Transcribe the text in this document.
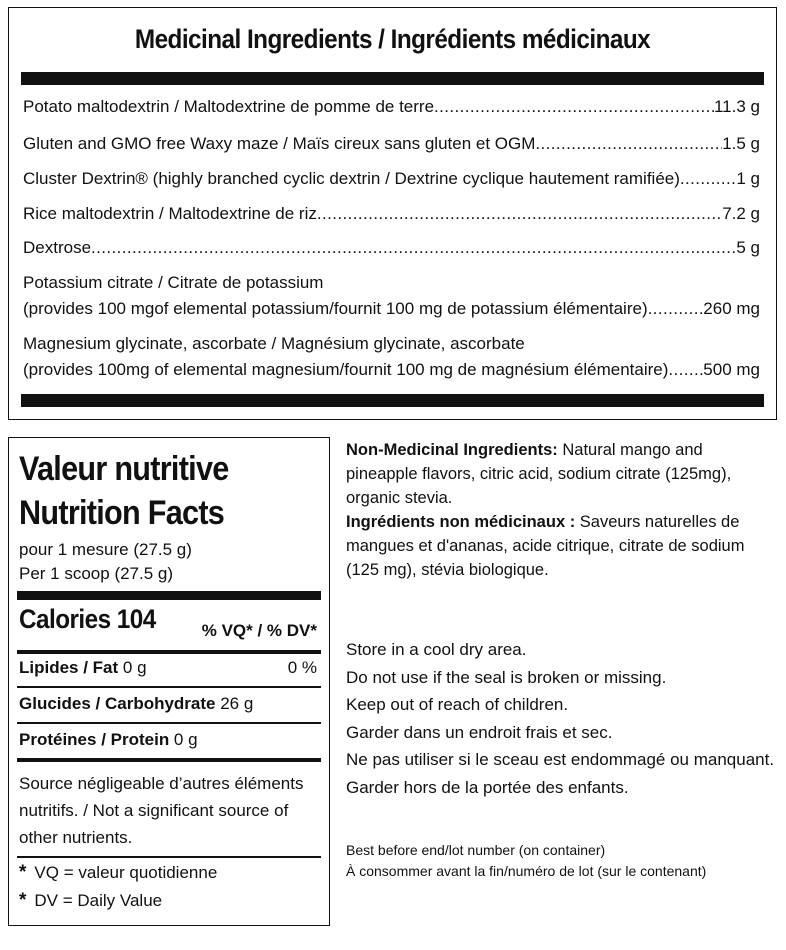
Medicinal Ingredients / Ingrédients médicinaux
Potato maltodextrin / Maltodextrine de pomme de terre .....	11.3 g
Gluten and GMO free Waxy maze / Maïs cireux sans gluten et OGM .....	1.5 g
Cluster Dextrin® (highly branched cyclic dextrin / Dextrine cyclique hautement ramifiée) .....	1 g
Rice maltodextrin / Maltodextrine de riz .....	7.2 g
Dextrose .....	5 g
Potassium citrate / Citrate de potassium
(provides 100 mgof elemental potassium/fournit 100 mg de potassium élémentaire) .....	260 mg
Magnesium glycinate, ascorbate / Magnésium glycinate, ascorbate
(provides 100mg of elemental magnesium/fournit 100 mg de magnésium élémentaire) ..... 500 mg
Valeur nutritive
Nutrition Facts
pour 1 mesure (27.5 g)
Per 1 scoop (27.5 g)
Calories 104	% VQ* / % DV*
Lipides / Fat 0 g	0 %
Glucides / Carbohydrate 26 g
Protéines / Protein 0 g
Source négligeable d’autres éléments nutritifs. / Not a significant source of other nutrients.
* VQ = valeur quotidienne
* DV = Daily Value

Non-Medicinal Ingredients: Natural mango and pineapple flavors, citric acid, sodium citrate (125mg), organic stevia.

Ingrédients non médicinaux : Saveurs naturelles de mangues et d'ananas, acide citrique, citrate de sodium (125 mg), stévia biologique.

Store in a cool dry area.
Do not use if the seal is broken or missing.
Keep out of reach of children.
Garder dans un endroit frais et sec.
Ne pas utiliser si le sceau est endommagé ou manquant.
Garder hors de la portée des enfants.
Best before end/lot number (on container)
À consommer avant la fin/numéro de lot (sur le contenant)
